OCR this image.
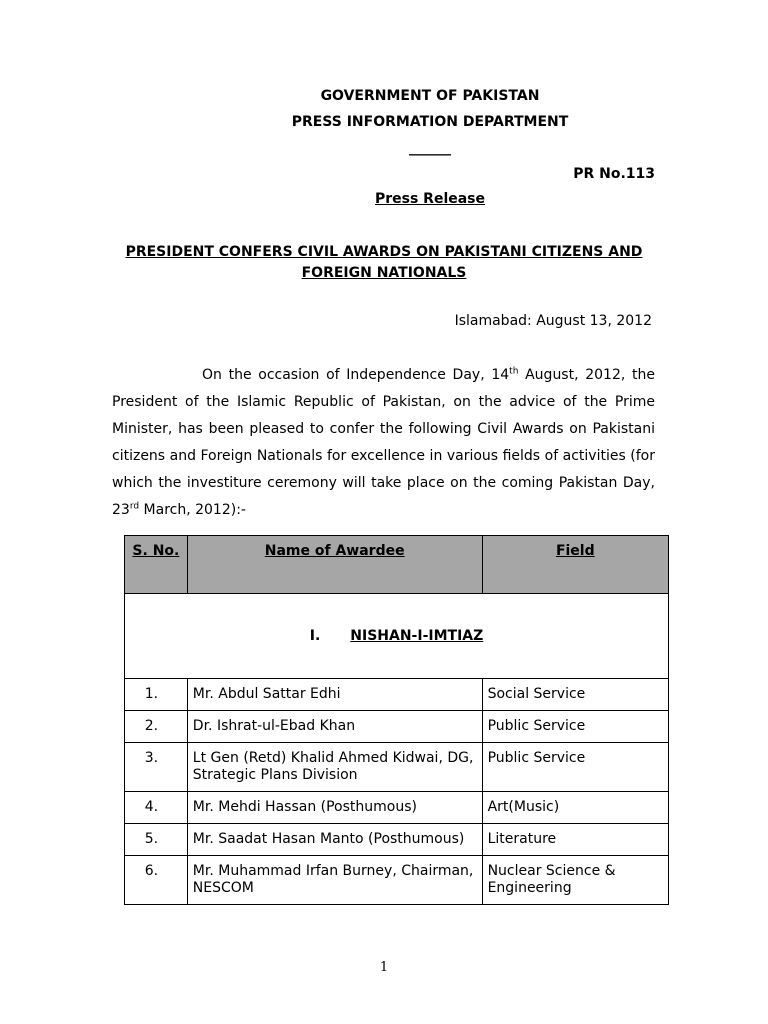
GOVERNMENT OF PAKISTAN
PRESS INFORMATION DEPARTMENT
______
PR No.113
Press Release
PRESIDENT CONFERS CIVIL AWARDS ON PAKISTANI CITIZENS AND FOREIGN NATIONALS
Islamabad: August 13, 2012
On the occasion of Independence Day, 14th August, 2012, the President of the Islamic Republic of Pakistan, on the advice of the Prime Minister, has been pleased to confer the following Civil Awards on Pakistani citizens and Foreign Nationals for excellence in various fields of activities (for which the investiture ceremony will take place on the coming Pakistan Day, 23rd March, 2012):-
S. No.	Name of Awardee	Field

I. NISHAN-I-IMTIAZ		
1.	Mr. Abdul Sattar Edhi	Social Service
2.	Dr. Ishrat-ul-Ebad Khan	Public Service
3.	Lt Gen (Retd) Khalid Ahmed Kidwai, DG, Strategic Plans Division	Public Service
4.	Mr. Mehdi Hassan (Posthumous)	Art(Music)
5.	Mr. Saadat Hasan Manto (Posthumous)	Literature
6.	Mr. Muhammad Irfan Burney, Chairman, NESCOM	Nuclear Science & Engineering
1
